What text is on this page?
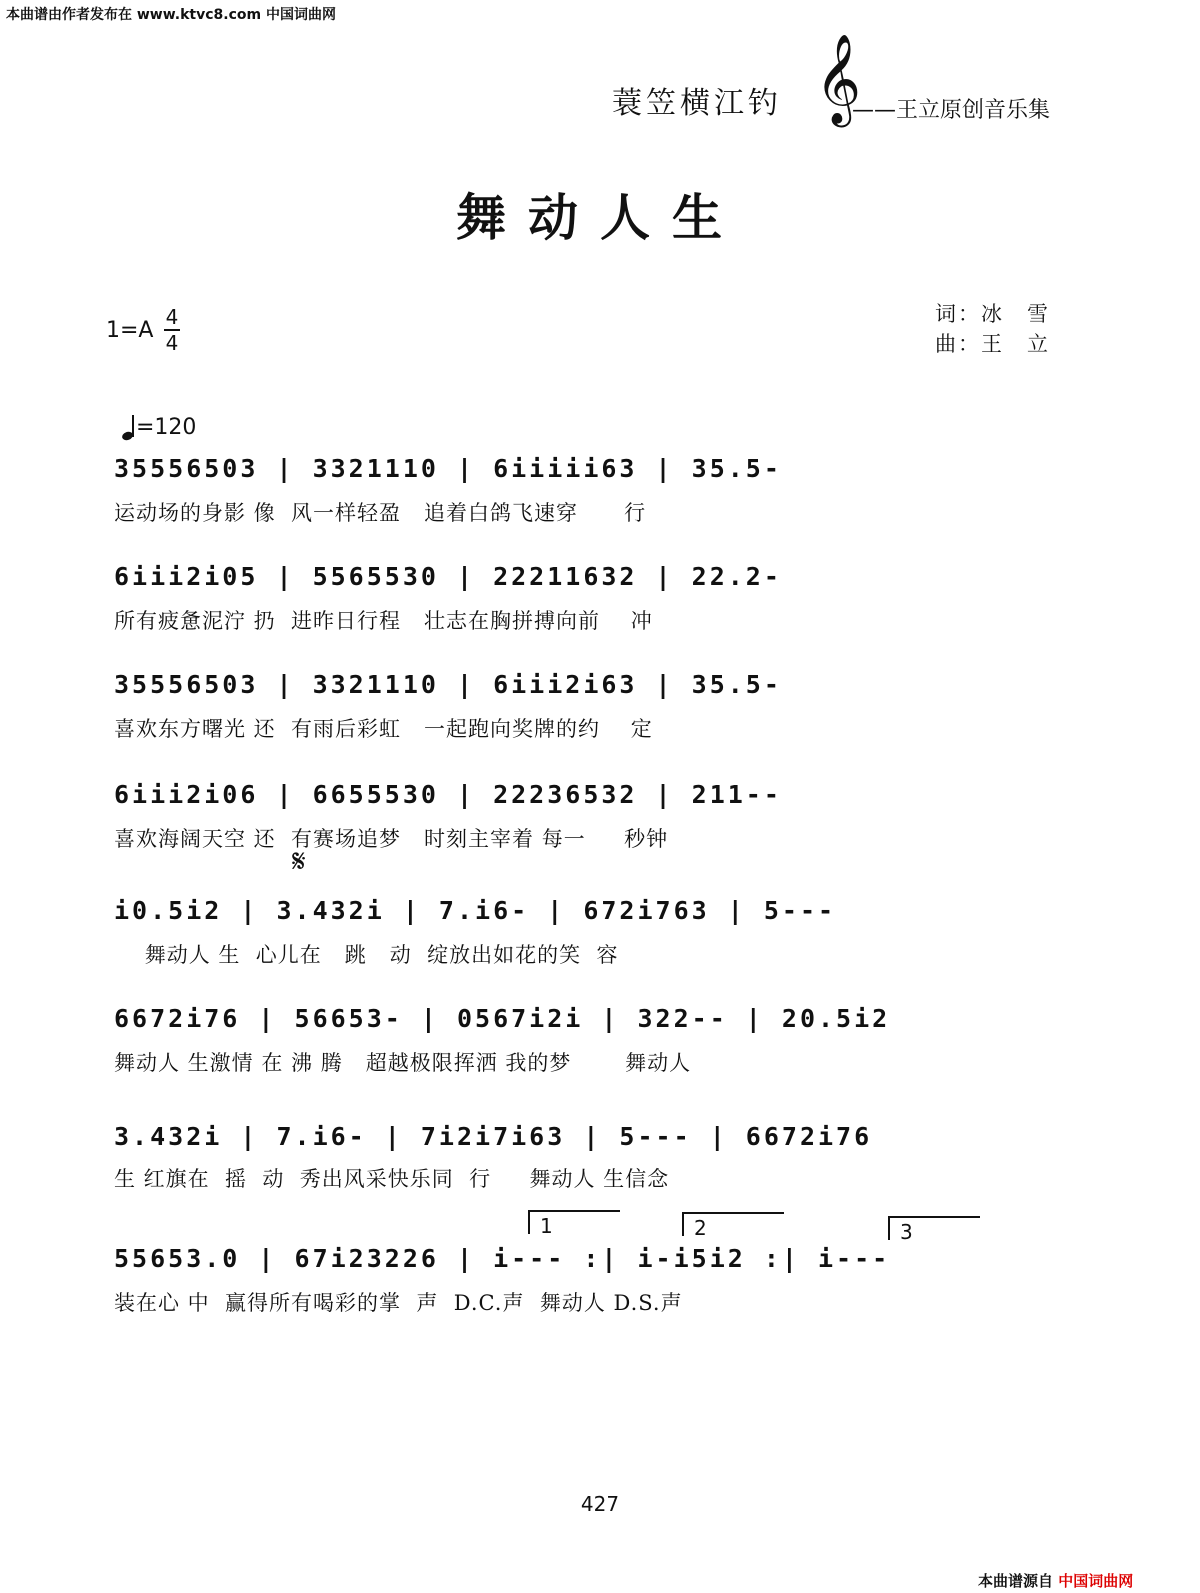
本曲谱由作者发布在 www.ktvc8.com 中国词曲网
蓑笠横江钓 𝄞
——王立原创音乐集
舞动人生
词：冰　雪
曲：王　立
1=A
4
4
=120
35556503 | 3321110 | 6iiiii63 | 35.5-
运动场的身影 像  风一样轻盈   追着白鸽飞速穿      行
6iii2i05 | 5565530 | 22211632 | 22.2-
所有疲惫泥泞 扔  进昨日行程   壮志在胸拼搏向前    冲
35556503 | 3321110 | 6iii2i63 | 35.5-
喜欢东方曙光 还  有雨后彩虹   一起跑向奖牌的约    定
6iii2i06 | 6655530 | 22236532 | 211--
喜欢海阔天空 还  有赛场追梦   时刻主宰着 每一     秒钟
𝄋
i0.5i2 | 3.432i | 7.i6- | 672i763 | 5---
舞动人 生  心儿在   跳   动  绽放出如花的笑  容
6672i76 | 56653- | 0567i2i | 322-- | 20.5i2
舞动人 生激情 在 沸 腾   超越极限挥洒 我的梦       舞动人
3.432i | 7.i6- | 7i2i7i63 | 5--- | 6672i76
生 红旗在  摇  动  秀出风采快乐同  行     舞动人 生信念
1	2	3
55653.0 | 67i23226 | i--- :| i-i5i2 :| i---
装在心 中  赢得所有喝彩的掌  声  D.C.声  舞动人 D.S.声
427
本曲谱源自 中国词曲网
